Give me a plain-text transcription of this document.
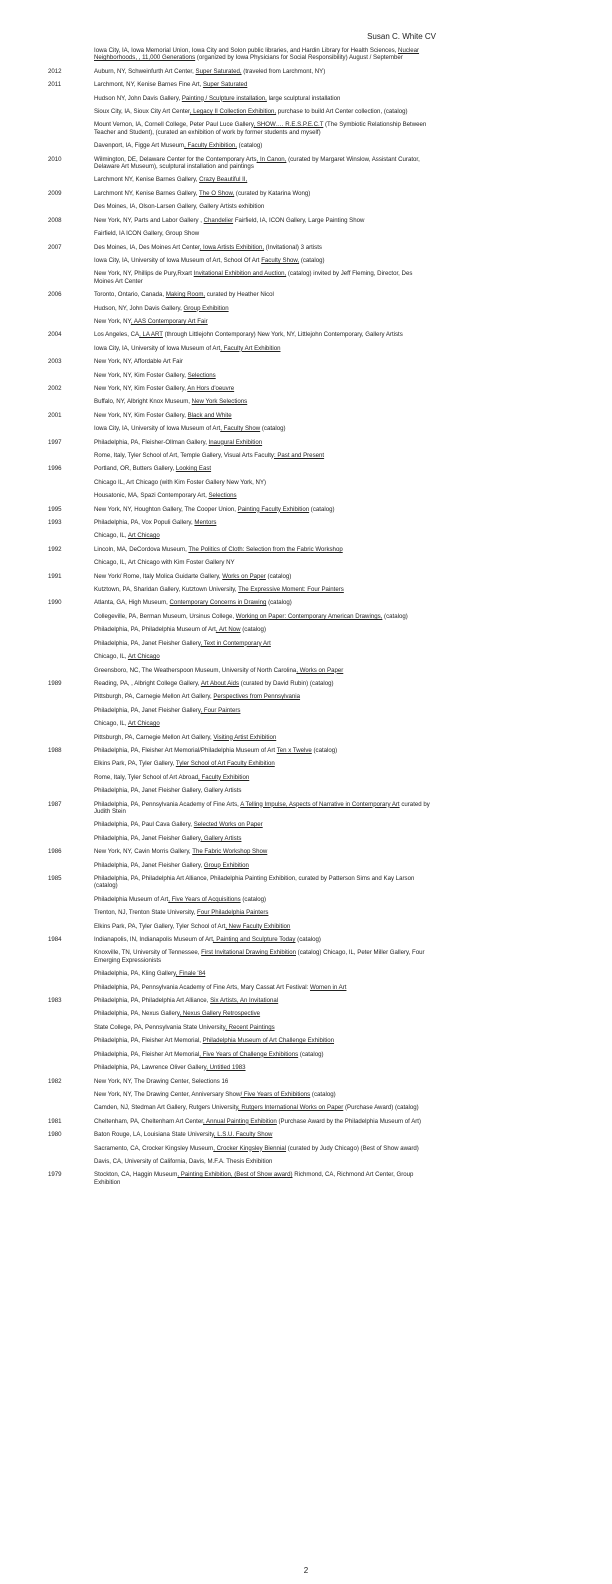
Susan C. White CV
Iowa City, IA, Iowa Memorial Union, Iowa City and Solon public libraries, and Hardin Library for Health Sciences, Nuclear Neighborhoods, , 11,000 Generations (organized by Iowa Physicians for Social Responsibility) August / September
2012	Auburn, NY, Schweinfurth Art Center, Super Saturated, (traveled from Larchmont, NY)
2011	Larchmont, NY, Kenise Barnes Fine Art, Super Saturated
Hudson NY, John Davis Gallery, Painting / Sculpture installation, large sculptural installation
Sioux City, IA, Sioux City Art Center, Legacy II Collection Exhibition, purchase to build Art Center collection, (catalog)
Mount Vernon, IA, Cornell College, Peter Paul Luce Gallery, SHOW…. R.E.S.P.E.C.T (The Symbiotic Relationship Between Teacher and Student), (curated an exhibition of work by former students and myself)
Davenport, IA, Figge Art Museum, Faculty Exhibition, (catalog)
2010	Wilmington, DE, Delaware Center for the Contemporary Arts, In Canon, (curated by Margaret Winslow, Assistant Curator, Delaware Art Museum), sculptural installation and paintings
Larchmont NY, Kenise Barnes Gallery, Crazy Beautiful II,
2009	Larchmont NY, Kenise Barnes Gallery, The O Show, (curated by Katarina Wong)
Des Moines, IA, Olson-Larsen Gallery, Gallery Artists exhibition
2008	New York, NY, Parts and Labor Gallery , Chandelier Fairfield, IA, ICON Gallery, Large Painting Show
Fairfield, IA ICON Gallery, Group Show
2007	Des Moines, IA, Des Moines Art Center, Iowa Artists Exhibition, (Invitational) 3 artists
Iowa City, IA, University of Iowa Museum of Art, School Of Art Faculty Show, (catalog)
New York, NY, Phillips de Pury,Rxart Invitational Exhibition and Auction, (catalog) invited by Jeff Fleming, Director, Des Moines Art Center
2006	Toronto, Ontario, Canada, Making Room, curated by Heather Nicol
Hudson, NY, John Davis Gallery, Group Exhibition
New York, NY, AAS Contemporary Art Fair
2004	Los Angeles, CA, LA ART (through Littlejohn Contemporary) New York, NY, Littlejohn Contemporary, Gallery Artists
Iowa City, IA, University of Iowa Museum of Art, Faculty Art Exhibition
2003	New York, NY, Affordable Art Fair
New York, NY, Kim Foster Gallery, Selections
2002	New York, NY, Kim Foster Gallery, An Hors d'oeuvre
Buffalo, NY, Albright Knox Museum, New York Selections
2001	New York, NY, Kim Foster Gallery, Black and White
Iowa City, IA, University of Iowa Museum of Art, Faculty Show (catalog)
1997	Philadelphia, PA, Fleisher-Ollman Gallery, Inaugural Exhibition
Rome, Italy, Tyler School of Art, Temple Gallery, Visual Arts Faculty: Past and Present
1996	Portland, OR, Butters Gallery, Looking East
Chicago IL, Art Chicago (with Kim Foster Gallery New York, NY)
Housatonic, MA, Spazi Contemporary Art, Selections
1995	New York, NY, Houghton Gallery, The Cooper Union, Painting Faculty Exhibition (catalog)
1993	Philadelphia, PA, Vox Populi Gallery, Mentors
Chicago, IL, Art Chicago
1992	Lincoln, MA, DeCordova Museum, The Politics of Cloth: Selection from the Fabric Workshop
Chicago, IL, Art Chicago with Kim Foster Gallery NY
1991	New York/ Rome, Italy Molica Guidarte Gallery, Works on Paper (catalog)
Kutztown, PA, Sharidan Gallery, Kutztown University, The Expressive Moment: Four Painters
1990	Atlanta, GA, High Museum, Contemporary Concerns in Drawing (catalog)
Collegeville, PA, Berman Museum, Ursinus College, Working on Paper: Contemporary American Drawings, (catalog)
Philadelphia, PA, Philadelphia Museum of Art, Art Now (catalog)
Philadelphia, PA, Janet Fleisher Gallery, Text in Contemporary Art
Chicago, IL, Art Chicago
Greensboro, NC, The Weatherspoon Museum, University of North Carolina, Works on Paper
1989	Reading, PA, , Albright College Gallery, Art About Aids (curated by David Rubin) (catalog)
Pittsburgh, PA, Carnegie Mellon Art Gallery, Perspectives from Pennsylvania
Philadelphia, PA, Janet Fleisher Gallery, Four Painters
Chicago, IL, Art Chicago
Pittsburgh, PA, Carnegie Mellon Art Gallery, Visiting Artist Exhibition
1988	Philadelphia, PA, Fleisher Art Memorial/Philadelphia Museum of Art Ten x Twelve (catalog)
Elkins Park, PA, Tyler Gallery, Tyler School of Art Faculty Exhibition
Rome, Italy, Tyler School of Art Abroad, Faculty Exhibition
Philadelphia, PA, Janet Fleisher Gallery, Gallery Artists
1987	Philadelphia, PA, Pennsylvania Academy of Fine Arts, A Telling Impulse, Aspects of Narrative in Contemporary Art curated by Judith Stein
Philadelphia, PA, Paul Cava Gallery, Selected Works on Paper
Philadelphia, PA, Janet Fleisher Gallery, Gallery Artists
1986	New York, NY, Cavin Morris Gallery, The Fabric Workshop Show
Philadelphia, PA, Janet Fleisher Gallery, Group Exhibition
1985	Philadelphia, PA, Philadelphia Art Alliance, Philadelphia Painting Exhibition, curated by Patterson Sims and Kay Larson (catalog)
Philadelphia Museum of Art, Five Years of Acquisitions (catalog)
Trenton, NJ, Trenton State University, Four Philadelphia Painters
Elkins Park, PA, Tyler Gallery, Tyler School of Art, New Faculty Exhibition
1984	Indianapolis, IN, Indianapolis Museum of Art, Painting and Sculpture Today (catalog)
Knoxville, TN, University of Tennessee, First Invitational Drawing Exhibition (catalog) Chicago, IL, Peter Miller Gallery, Four Emerging Expressionists
Philadelphia, PA, Kling Gallery, Finale '84
Philadelphia, PA, Pennsylvania Academy of Fine Arts, Mary Cassat Art Festival: Women in Art
1983	Philadelphia, PA, Philadelphia Art Alliance, Six Artists, An Invitational
Philadelphia, PA, Nexus Gallery, Nexus Gallery Retrospective
State College, PA, Pennsylvania State University, Recent Paintings
Philadelphia, PA, Fleisher Art Memorial, Philadelphia Museum of Art Challenge Exhibition
Philadelphia, PA, Fleisher Art Memorial, Five Years of Challenge Exhibitions (catalog)
Philadelphia, PA, Lawrence Oliver Gallery, Untitled 1983
1982	New York, NY, The Drawing Center, Selections 16
New York, NY, The Drawing Center, Anniversary Show/ Five Years of Exhibitions (catalog)
Camden, NJ, Stedman Art Gallery, Rutgers University, Rutgers International Works on Paper (Purchase Award) (catalog)
1981	Cheltenham, PA, Cheltenham Art Center, Annual Painting Exhibition (Purchase Award by the Philadelphia Museum of Art)
1980	Baton Rouge, LA, Louisiana State University, L.S.U. Faculty Show
Sacramento, CA, Crocker Kingsley Museum, Crocker Kingsley Biennial (curated by Judy Chicago) (Best of Show award)
Davis, CA, University of California, Davis, M.F.A. Thesis Exhibition
1979	Stockton, CA, Haggin Museum, Painting Exhibition, (Best of Show award) Richmond, CA, Richmond Art Center, Group Exhibition
2
